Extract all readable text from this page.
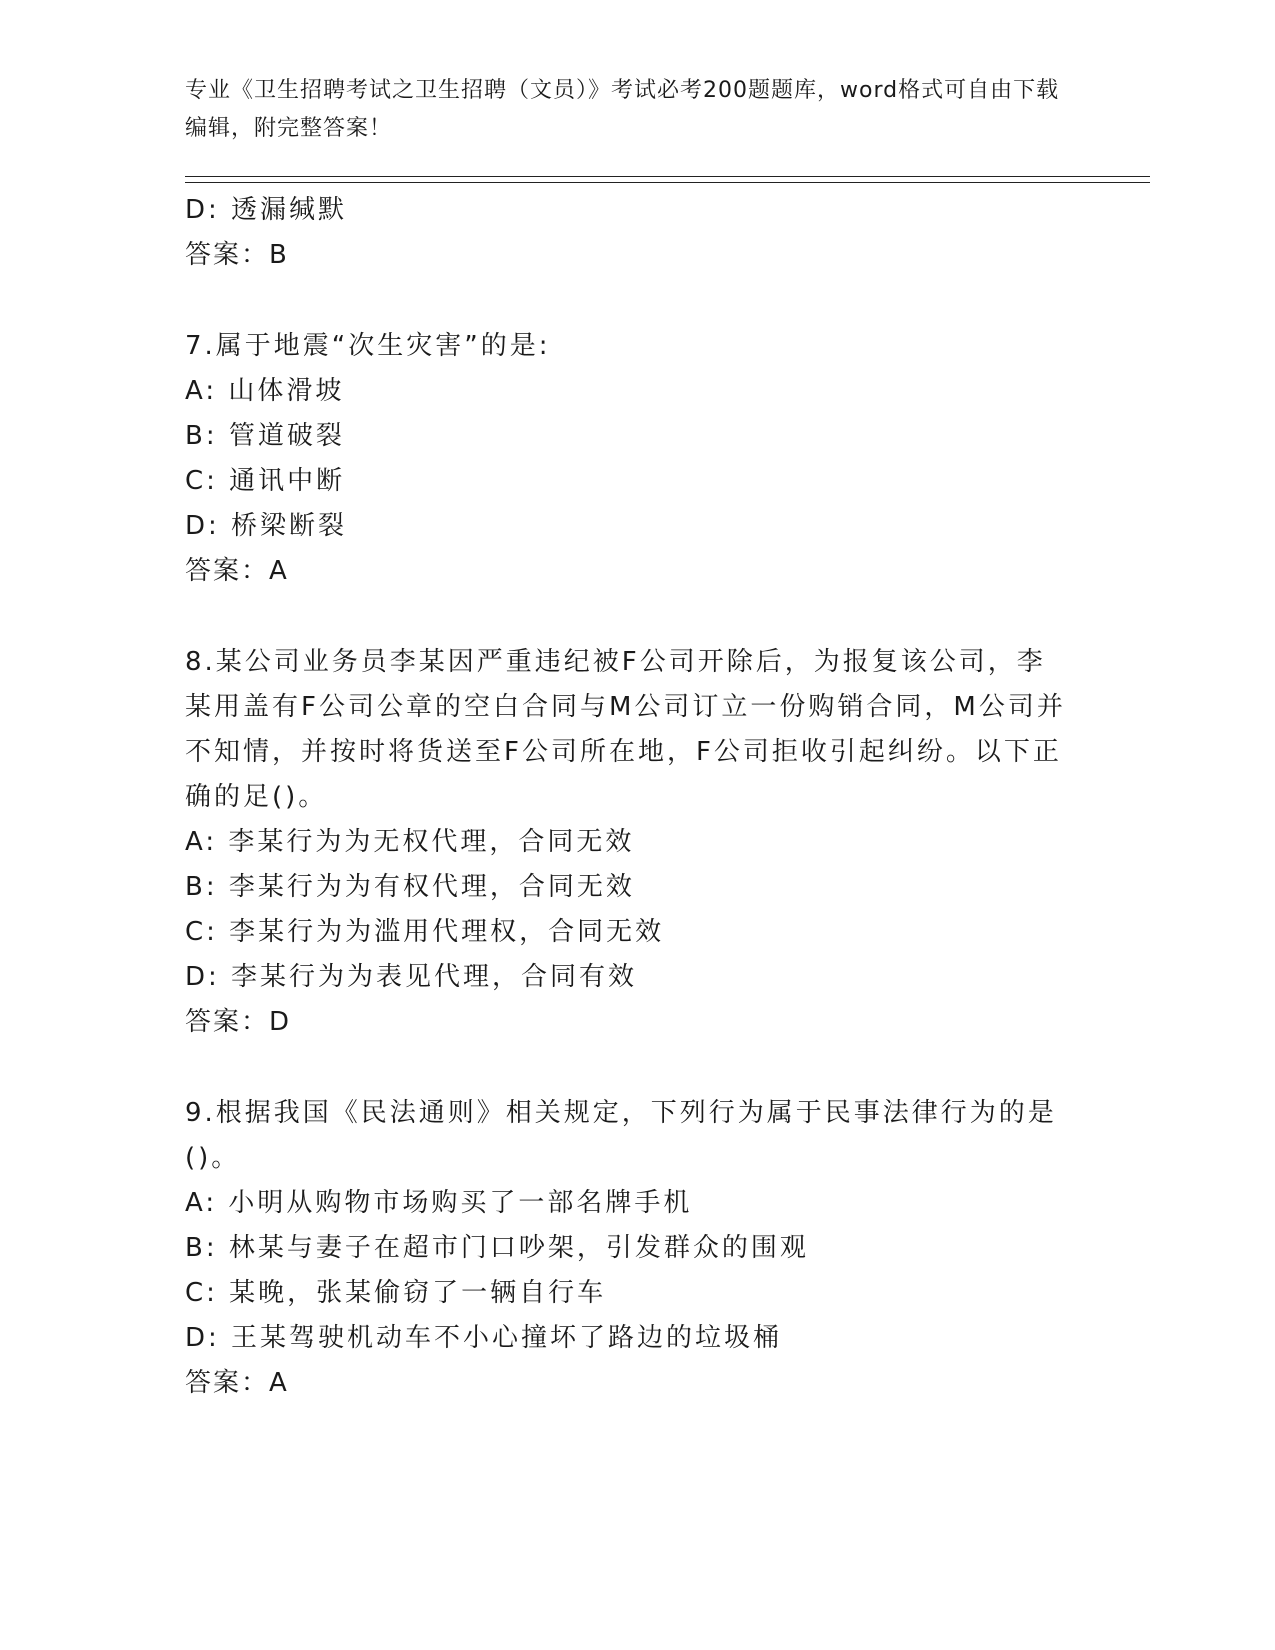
专业《卫生招聘考试之卫生招聘（文员）》考试必考200题题库，word格式可自由下载编辑，附完整答案！
D: 透漏缄默
答案：B
7.属于地震“次生灾害”的是:
A: 山体滑坡
B: 管道破裂
C: 通讯中断
D: 桥梁断裂
答案：A
8.某公司业务员李某因严重违纪被F公司开除后，为报复该公司，李
某用盖有F公司公章的空白合同与M公司订立一份购销合同，M公司并
不知情，并按时将货送至F公司所在地，F公司拒收引起纠纷。以下正
确的足()。
A: 李某行为为无权代理，合同无效
B: 李某行为为有权代理，合同无效
C: 李某行为为滥用代理权，合同无效
D: 李某行为为表见代理，合同有效
答案：D
9.根据我国《民法通则》相关规定，下列行为属于民事法律行为的是
()。
A: 小明从购物市场购买了一部名牌手机
B: 林某与妻子在超市门口吵架，引发群众的围观
C: 某晚，张某偷窃了一辆自行车
D: 王某驾驶机动车不小心撞坏了路边的垃圾桶
答案：A
